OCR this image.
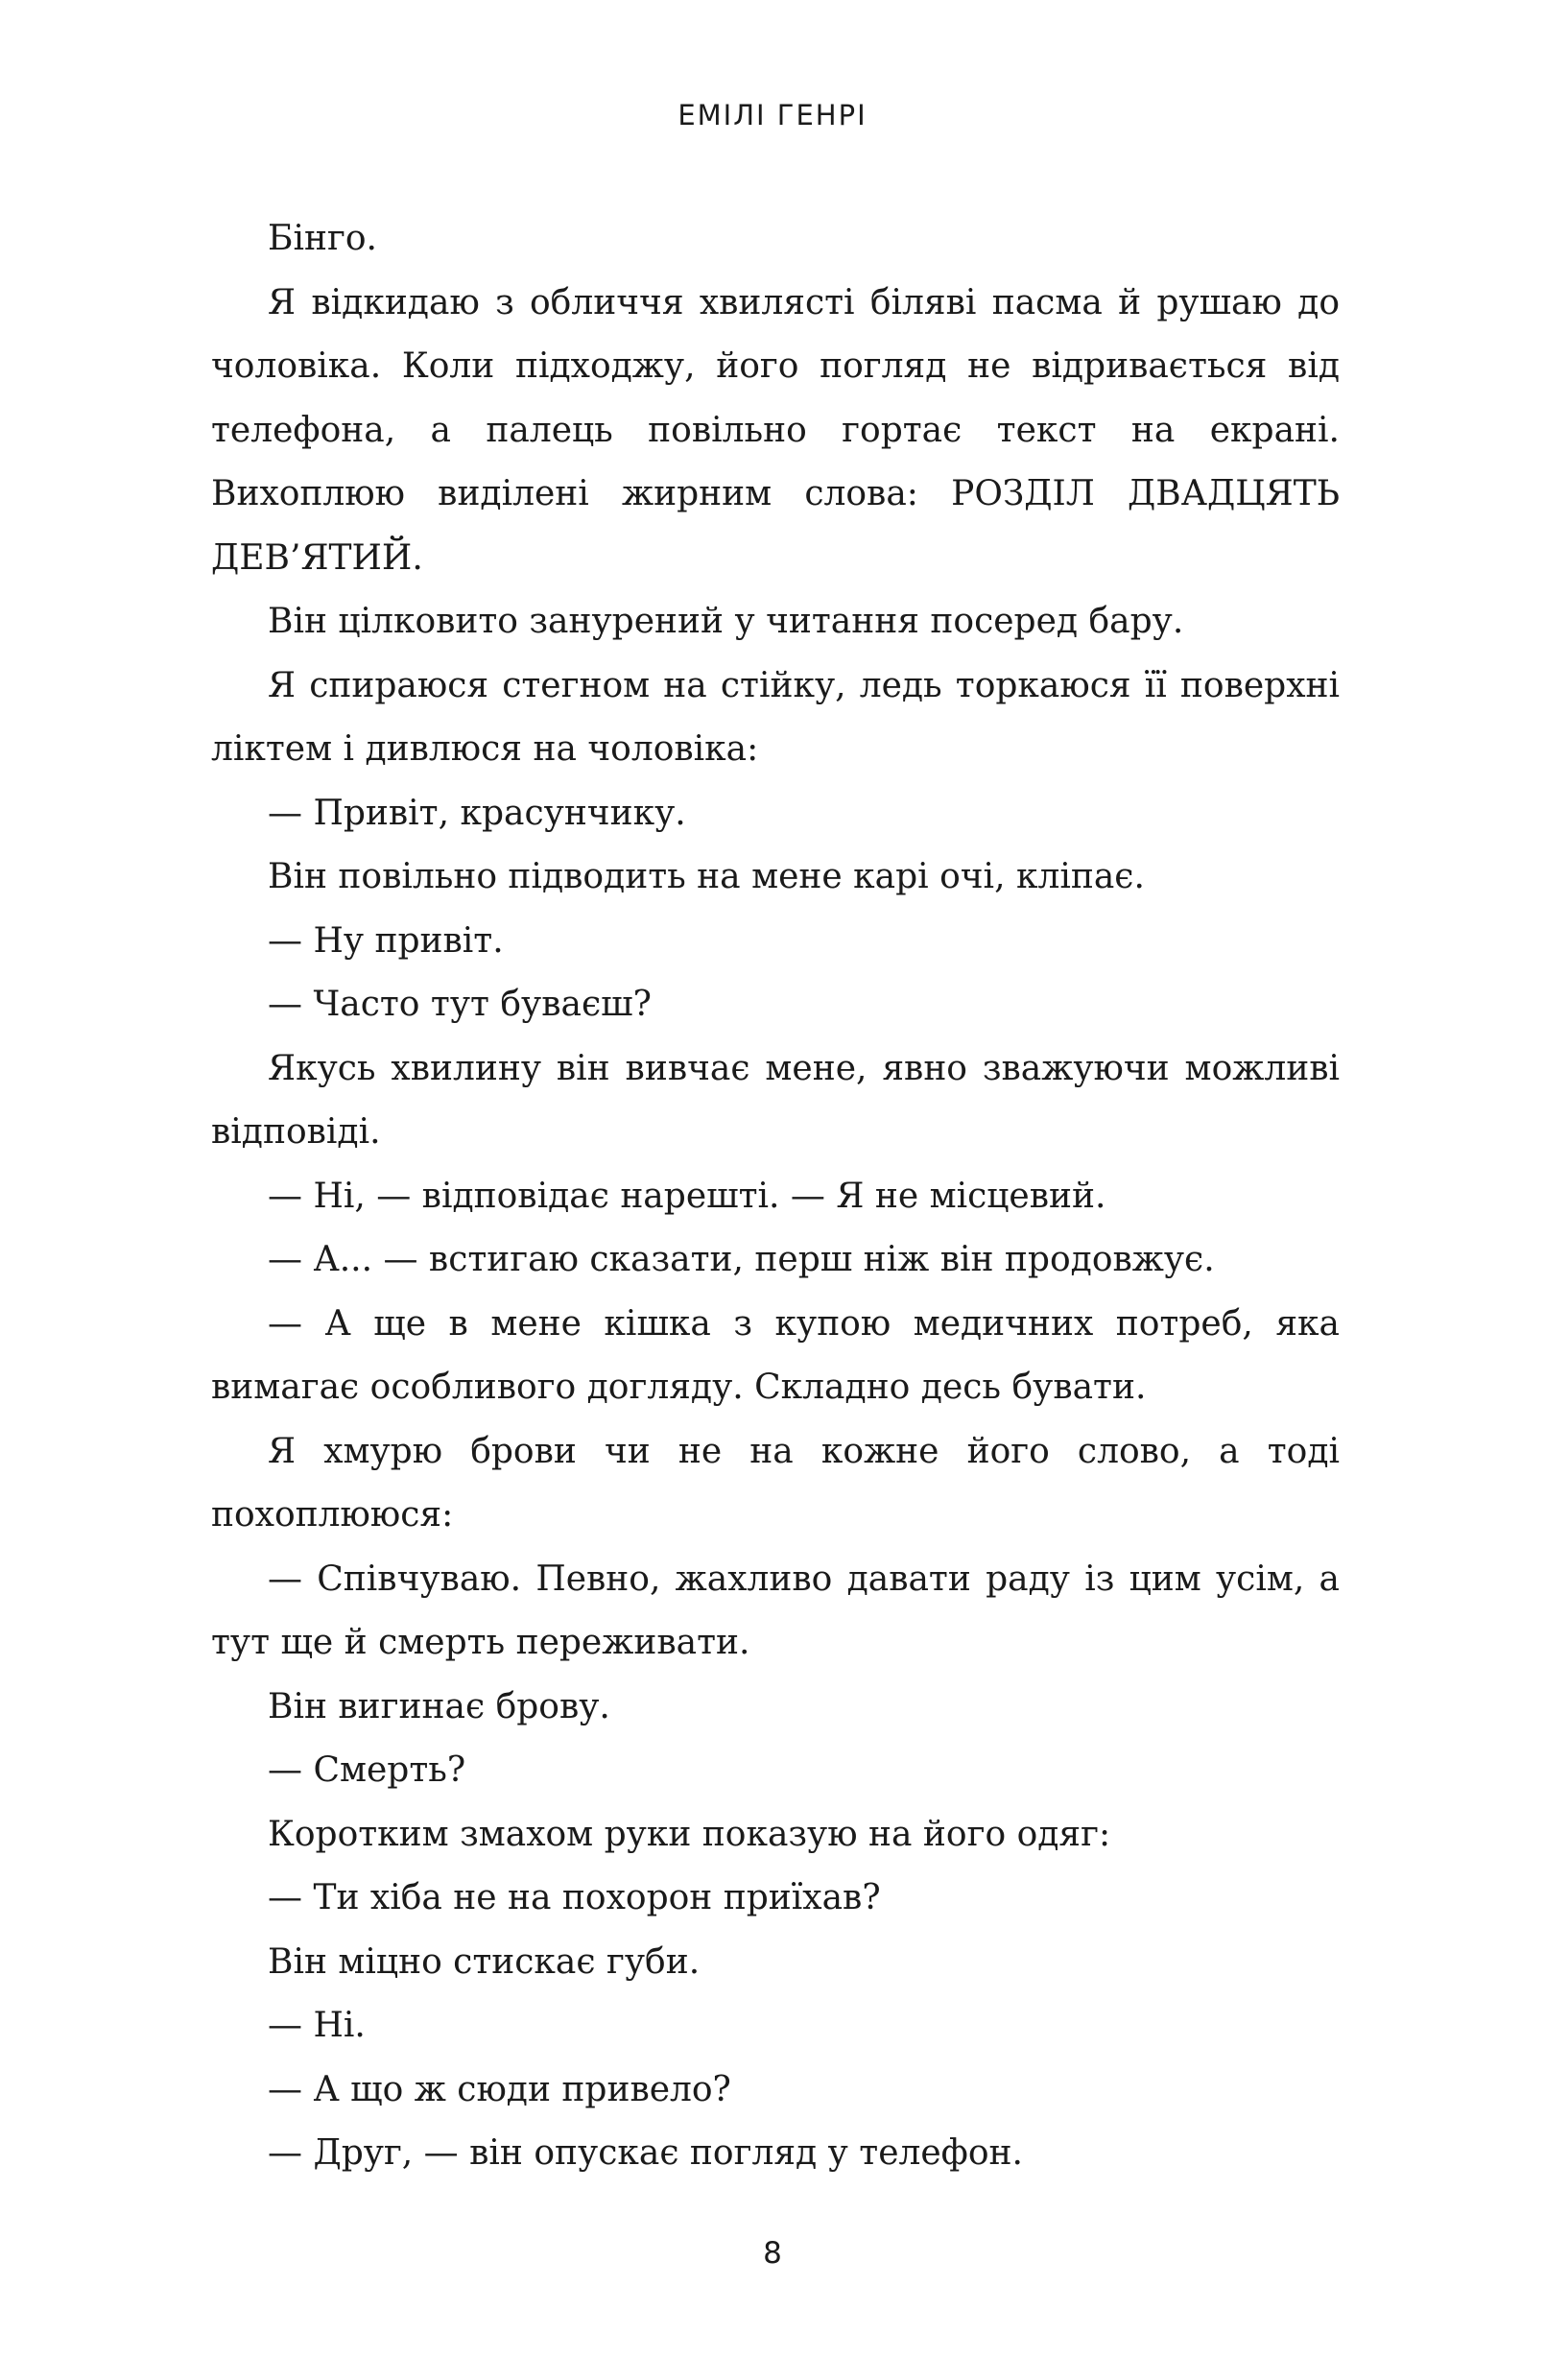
ЕМІЛІ ГЕНРІ

Бінго.

Я відкидаю з обличчя хвилясті біляві пасма й рушаю до чоловіка. Коли підходжу, його погляд не відривається від телефона, а палець повільно гортає текст на екрані. Вихоплюю виділені жирним слова: РОЗДІЛ ДВАДЦЯТЬ ДЕВ’ЯТИЙ.

Він цілковито занурений у читання посеред бару.

Я спираюся стегном на стійку, ледь торкаюся її поверхні ліктем і дивлюся на чоловіка:

— Привіт, красунчику.

Він повільно підводить на мене карі очі, кліпає.

— Ну привіт.

— Часто тут буваєш?

Якусь хвилину він вивчає мене, явно зважуючи можливі відповіді.

— Ні, — відповідає нарешті. — Я не місцевий.

— А... — встигаю сказати, перш ніж він продовжує.

— А ще в мене кішка з купою медичних потреб, яка вимагає особливого догляду. Складно десь бувати.

Я хмурю брови чи не на кожне його слово, а тоді похоплююся:

— Співчуваю. Певно, жахливо давати раду із цим усім, а тут ще й смерть переживати.

Він вигинає брову.

— Смерть?

Коротким змахом руки показую на його одяг:

— Ти хіба не на похорон приїхав?

Він міцно стискає губи.

— Ні.

— А що ж сюди привело?

— Друг, — він опускає погляд у телефон.

8
